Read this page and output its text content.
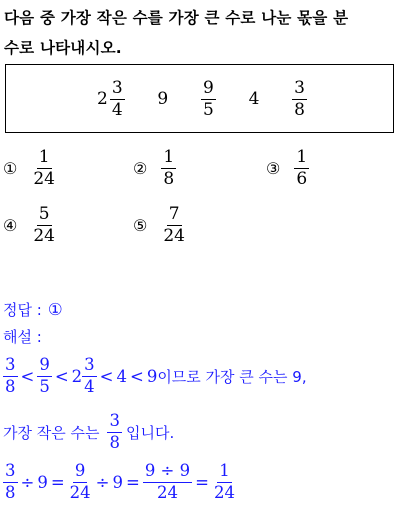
다음 중 가장 작은 수를 가장 큰 수로 나눈 몫을 분
수로 나타내시오.
$2 \frac{3}{4} 9 \frac{9}{5} 4 \frac{3}{8}$
① $\frac{1}{24}$	② $\frac{1}{8}$	③ $\frac{1}{6}$
④ $\frac{5}{24}$	⑤ $\frac{7}{24}$
정답 : ①
해설 :
$\frac{3}{8} < \frac{9}{5} < 2 \frac{3}{4} < 4 < 9$ 이므로 가장 큰 수는 9,
가장 작은 수는 $\frac{3}{8}$ 입니다.
$\frac{3}{8} \div 9 = \frac{9}{24} \div 9 = \frac{9 \div 9}{24} = \frac{1}{24}$
